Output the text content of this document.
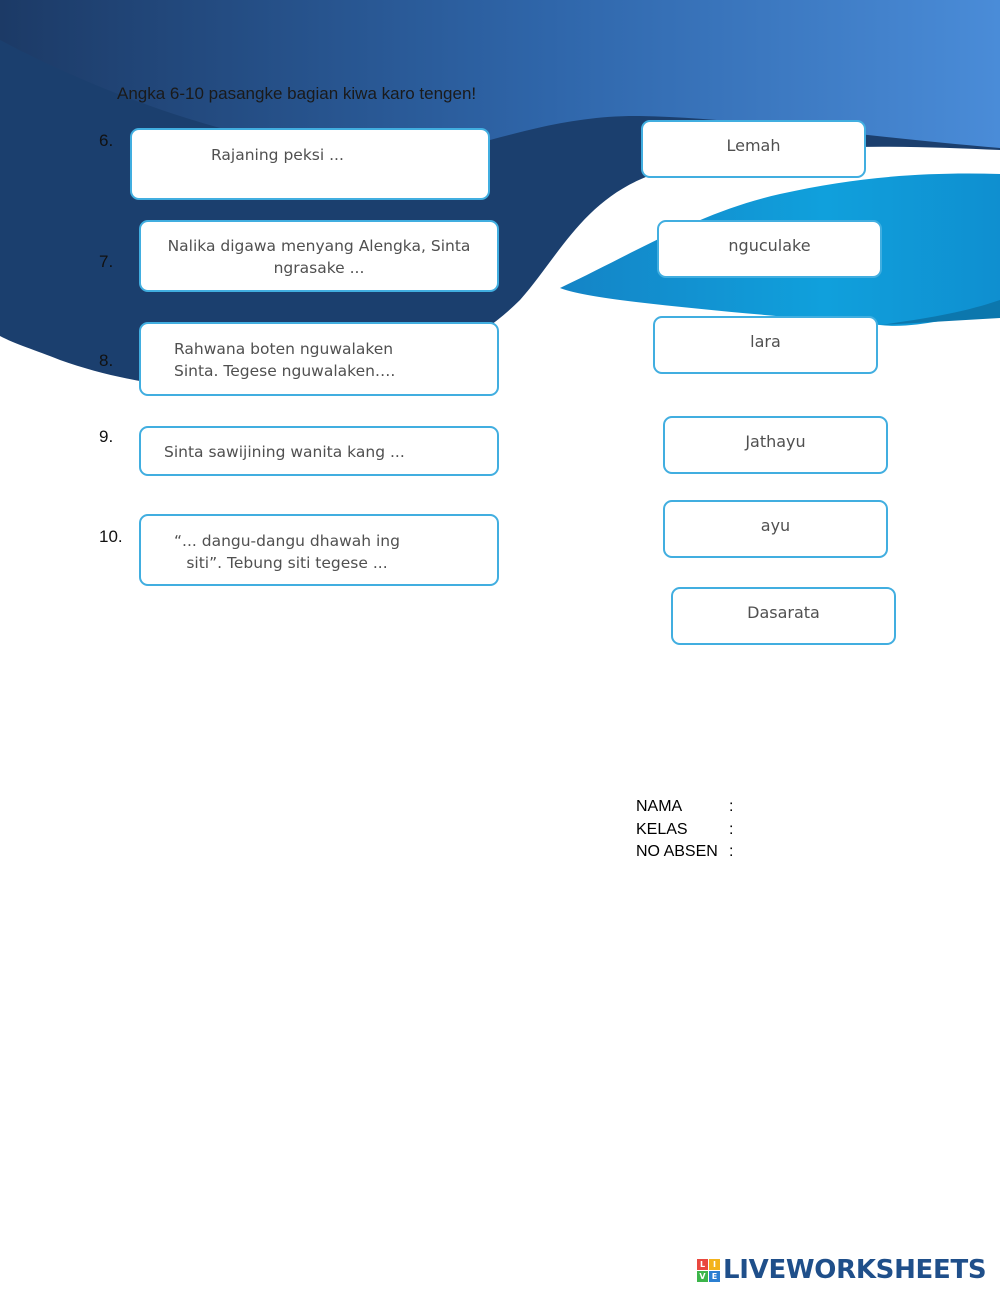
Angka 6-10 pasangke bagian kiwa karo tengen!
6.
Rajaning peksi ...
7.
Nalika digawa menyang Alengka, Sinta
ngrasake ...
8.
Rahwana boten nguwalaken
Sinta. Tegese nguwalaken….
9.
Sinta sawijining wanita kang ...
10.	“... dangu-dangu dhawah ing
siti”. Tebung siti tegese ...
Lemah
nguculake
lara
Jathayu
ayu
Dasarata
NAMA	:
KELAS	:
NO ABSEN :
L I
V E LIVEWORKSHEETS
